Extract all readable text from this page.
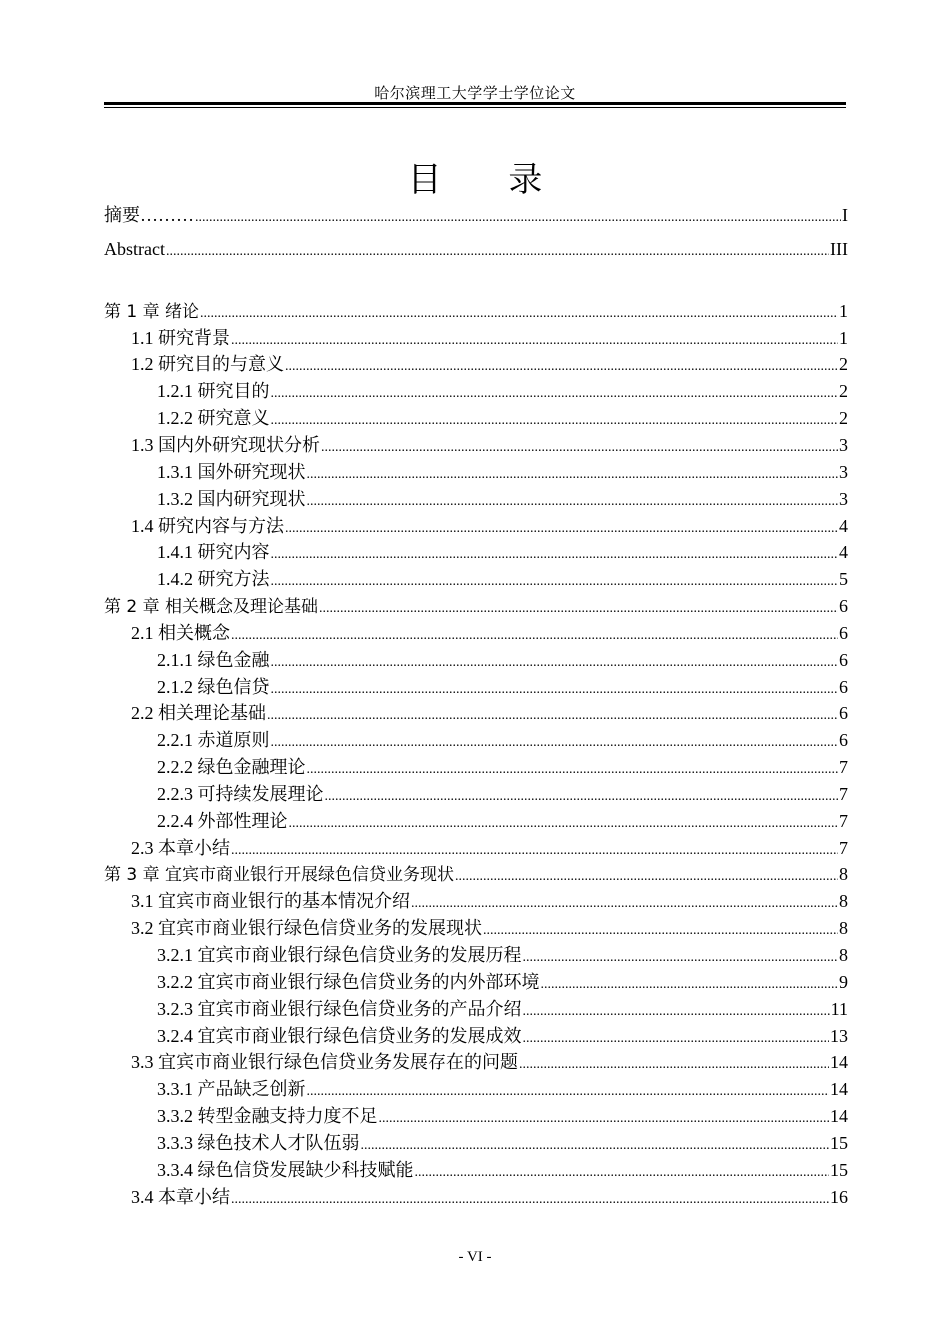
哈尔滨理工大学学士学位论文
目 录
摘要……… .....	I
Abstract .....	III
第 1 章 绪论 .....	1
1.1 研究背景 .....	1
1.2 研究目的与意义 .....	2
1.2.1 研究目的 .....	2
1.2.2 研究意义 .....	2
1.3 国内外研究现状分析 .....	3
1.3.1 国外研究现状 .....	3
1.3.2 国内研究现状 .....	3
1.4 研究内容与方法 .....	4
1.4.1 研究内容 .....	4
1.4.2 研究方法 .....	5
第 2 章 相关概念及理论基础 .....	6
2.1 相关概念 .....	6
2.1.1 绿色金融 .....	6
2.1.2 绿色信贷 .....	6
2.2 相关理论基础 .....	6
2.2.1 赤道原则 .....	6
2.2.2 绿色金融理论 .....	7
2.2.3 可持续发展理论 .....	7
2.2.4 外部性理论 .....	7
2.3 本章小结 .....	7
第 3 章 宜宾市商业银行开展绿色信贷业务现状 .....	8
3.1 宜宾市商业银行的基本情况介绍 .....	8
3.2 宜宾市商业银行绿色信贷业务的发展现状 .....	8
3.2.1 宜宾市商业银行绿色信贷业务的发展历程 .....	8
3.2.2 宜宾市商业银行绿色信贷业务的内外部环境 .....	9
3.2.3 宜宾市商业银行绿色信贷业务的产品介绍 .....	11
3.2.4 宜宾市商业银行绿色信贷业务的发展成效 .....	13
3.3 宜宾市商业银行绿色信贷业务发展存在的问题 .....	14
3.3.1 产品缺乏创新 .....	14
3.3.2 转型金融支持力度不足 .....	14
3.3.3 绿色技术人才队伍弱 .....	15
3.3.4 绿色信贷发展缺少科技赋能 .....	15
3.4 本章小结 .....	16
- VI -
